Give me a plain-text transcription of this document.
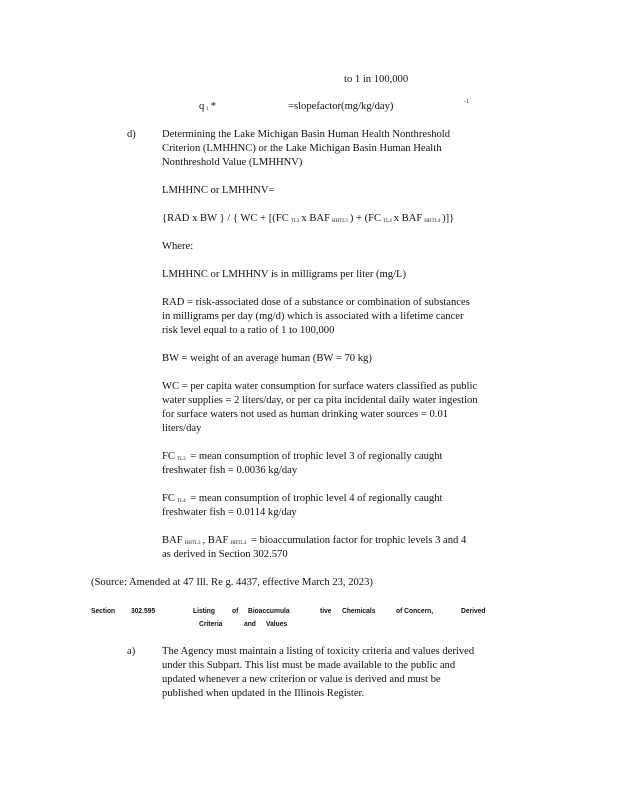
to 1 in 100,000
q $_1$ *	=slopefactor(mg/kg/day)	-1
d) Determining the Lake Michigan Basin Human Health Nonthreshold
Criterion (LMHHNC) or the Lake Michigan Basin Human Health
Nonthreshold Value (LMHHNV)
LMHHNC or LMHHNV=
{RAD x BW } / { WC + [(FC $_{TL3}$ x BAF $_{HHTL3}$ ) + (FC $_{TL4}$ x BAF $_{HHTL4}$ )]}
Where:
LMHHNC or LMHHNV is in milligrams per liter (mg/L)
RAD = risk-associated dose of a substance or combination of substances
in milligrams per day (mg/d) which is associated with a lifetime cancer
risk level equal to a ratio of 1 to 100,000
BW = weight of an average human (BW = 70 kg)
WC = per capita water consumption for surface waters classified as public
water supplies = 2 liters/day, or per ca pita incidental daily water ingestion
for surface waters not used as human drinking water sources = 0.01
liters/day
FC $_{TL3}$ = mean consumption of trophic level 3 of regionally caught
freshwater fish = 0.0036 kg/day
FC $_{TL4}$ = mean consumption of trophic level 4 of regionally caught
freshwater fish = 0.0114 kg/day
BAF $_{HHTL3}$ , BAF $_{HHTL4}$ = bioaccumulation factor for trophic levels 3 and 4
as derived in Section 302.570
(Source: Amended at 47 Ill. Re g. 4437, effective March 23, 2023)
Section 302.595	Listing of Bioaccumula	tive Chemicals	of Concern,	Derived
Criteria	and Values
a)	The Agency must maintain a listing of toxicity criteria and values derived
under this Subpart. This list must be made available to the public and
updated whenever a new criterion or value is derived and must be
published when updated in the Illinois Register.
